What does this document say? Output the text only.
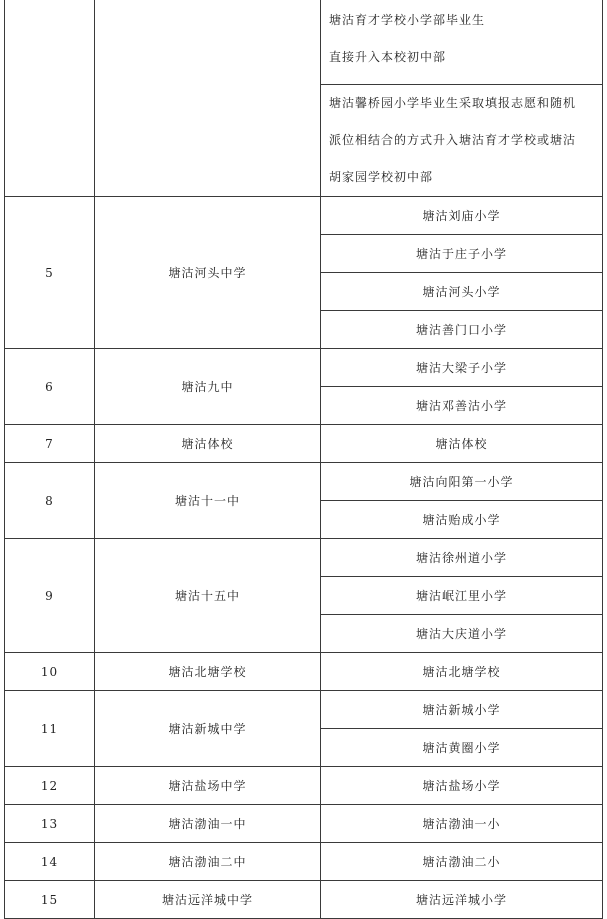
		塘沽育才学校小学部毕业生
直接升入本校初中部

		塘沽馨桥园小学毕业生采取填报志愿和随机
派位相结合的方式升入塘沽育才学校或塘沽
胡家园学校初中部

5	塘沽河头中学	塘沽刘庙小学
		塘沽于庄子小学
		塘沽河头小学
		塘沽善门口小学
6	塘沽九中	塘沽大梁子小学
		塘沽邓善沽小学
7	塘沽体校	塘沽体校
8	塘沽十一中	塘沽向阳第一小学
		塘沽贻成小学
9	塘沽十五中	塘沽徐州道小学
		塘沽岷江里小学
		塘沽大庆道小学
10	塘沽北塘学校	塘沽北塘学校
11	塘沽新城中学	塘沽新城小学
		塘沽黄圈小学
12	塘沽盐场中学	塘沽盐场小学
13	塘沽渤油一中	塘沽渤油一小
14	塘沽渤油二中	塘沽渤油二小
15	塘沽远洋城中学	塘沽远洋城小学
